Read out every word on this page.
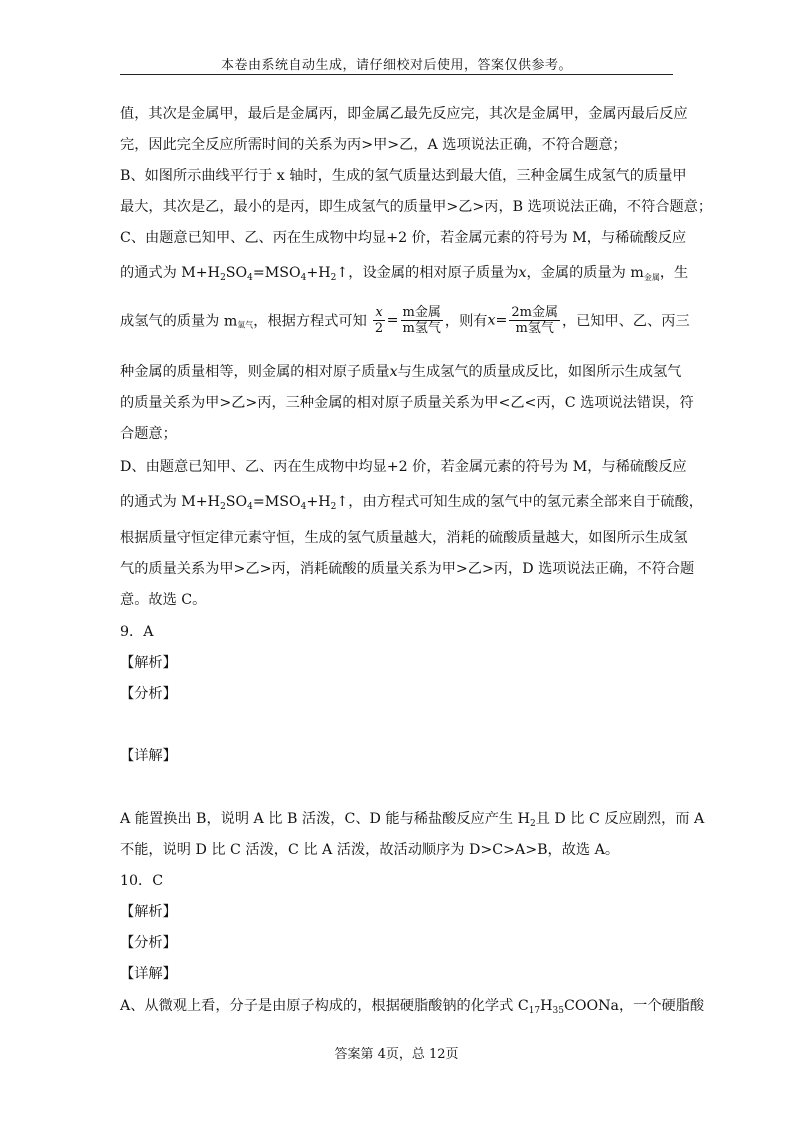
本卷由系统自动生成，请仔细校对后使用，答案仅供参考。
值，其次是金属甲，最后是金属丙，即金属乙最先反应完，其次是金属甲，金属丙最后反应
完，因此完全反应所需时间的关系为丙>甲>乙，A 选项说法正确，不符合题意；
B、如图所示曲线平行于 x 轴时，生成的氢气质量达到最大值，三种金属生成氢气的质量甲
最大，其次是乙，最小的是丙，即生成氢气的质量甲>乙>丙，B 选项说法正确，不符合题意；
C、由题意已知甲、乙、丙在生成物中均显+2 价，若金属元素的符号为 M，与稀硫酸反应
的通式为 $M+H_2SO_4=MSO_4+H_2↑$，设金属的相对原子质量为x，金属的质量为 $m_{金属}$，生
成氢气的质量为 $m_{氢气}$，根据方程式可知 $\frac{x}{2} = \frac{\text{m金属}}{\text{m氢气}}$ ，则有$x= \frac{\text{2m金属}}{\text{m氢气}}$ ，已知甲、乙、丙三
种金属的质量相等，则金属的相对原子质量x与生成氢气的质量成反比，如图所示生成氢气
的质量关系为甲>乙>丙，三种金属的相对原子质量关系为甲<乙<丙，C 选项说法错误，符
合题意；
D、由题意已知甲、乙、丙在生成物中均显+2 价，若金属元素的符号为 M，与稀硫酸反应
的通式为 $M+H_2SO_4=MSO_4+H_2↑$，由方程式可知生成的氢气中的氢元素全部来自于硫酸，
根据质量守恒定律元素守恒，生成的氢气质量越大，消耗的硫酸质量越大，如图所示生成氢
气的质量关系为甲>乙>丙，消耗硫酸的质量关系为甲>乙>丙，D 选项说法正确，不符合题
意。故选 C。
9．A
【解析】
【分析】
【详解】
A 能置换出 B，说明 A 比 B 活泼，C、D 能与稀盐酸反应产生 $H_2$且 D 比 C 反应剧烈，而 A
不能，说明 D 比 C 活泼，C 比 A 活泼，故活动顺序为 D>C>A>B，故选 A。
10．C
【解析】
【分析】
【详解】
A、从微观上看，分子是由原子构成的，根据硬脂酸钠的化学式 $C_{17}H_{35}COONa$，一个硬脂酸
答案第 4页，总 12页
